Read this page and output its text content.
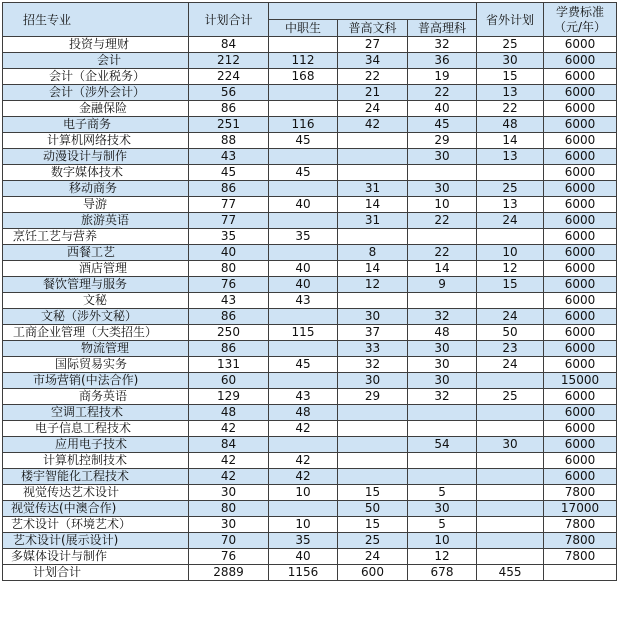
招生专业	计划合计				省外计划	学费标准
（元/年）

		中职生	普高文科	普高理科		
投资与理财	84		27	32	25	6000
会计	212	112	34	36	30	6000
会计（企业税务）	224	168	22	19	15	6000
会计（涉外会计）	56		21	22	13	6000
金融保险	86		24	40	22	6000
电子商务	251	116	42	45	48	6000
计算机网络技术	88	45		29	14	6000
动漫设计与制作	43			30	13	6000
数字媒体技术	45	45				6000
移动商务	86		31	30	25	6000
导游	77	40	14	10	13	6000
旅游英语	77		31	22	24	6000
烹饪工艺与营养	35	35				6000
西餐工艺	40		8	22	10	6000
酒店管理	80	40	14	14	12	6000
餐饮管理与服务	76	40	12	9	15	6000
文秘	43	43				6000
文秘（涉外文秘）	86		30	32	24	6000
工商企业管理（大类招生）	250	115	37	48	50	6000
物流管理	86		33	30	23	6000
国际贸易实务	131	45	32	30	24	6000
市场营销(中法合作)	60		30	30		15000
商务英语	129	43	29	32	25	6000
空调工程技术	48	48				6000
电子信息工程技术	42	42				6000
应用电子技术	84			54	30	6000
计算机控制技术	42	42				6000
楼宇智能化工程技术	42	42				6000
视觉传达艺术设计	30	10	15	5		7800
视觉传达(中澳合作)	80		50	30		17000
艺术设计（环境艺术）	30	10	15	5		7800
艺术设计(展示设计)	70	35	25	10		7800
多媒体设计与制作	76	40	24	12		7800
计划合计	2889	1156	600	678	455	
